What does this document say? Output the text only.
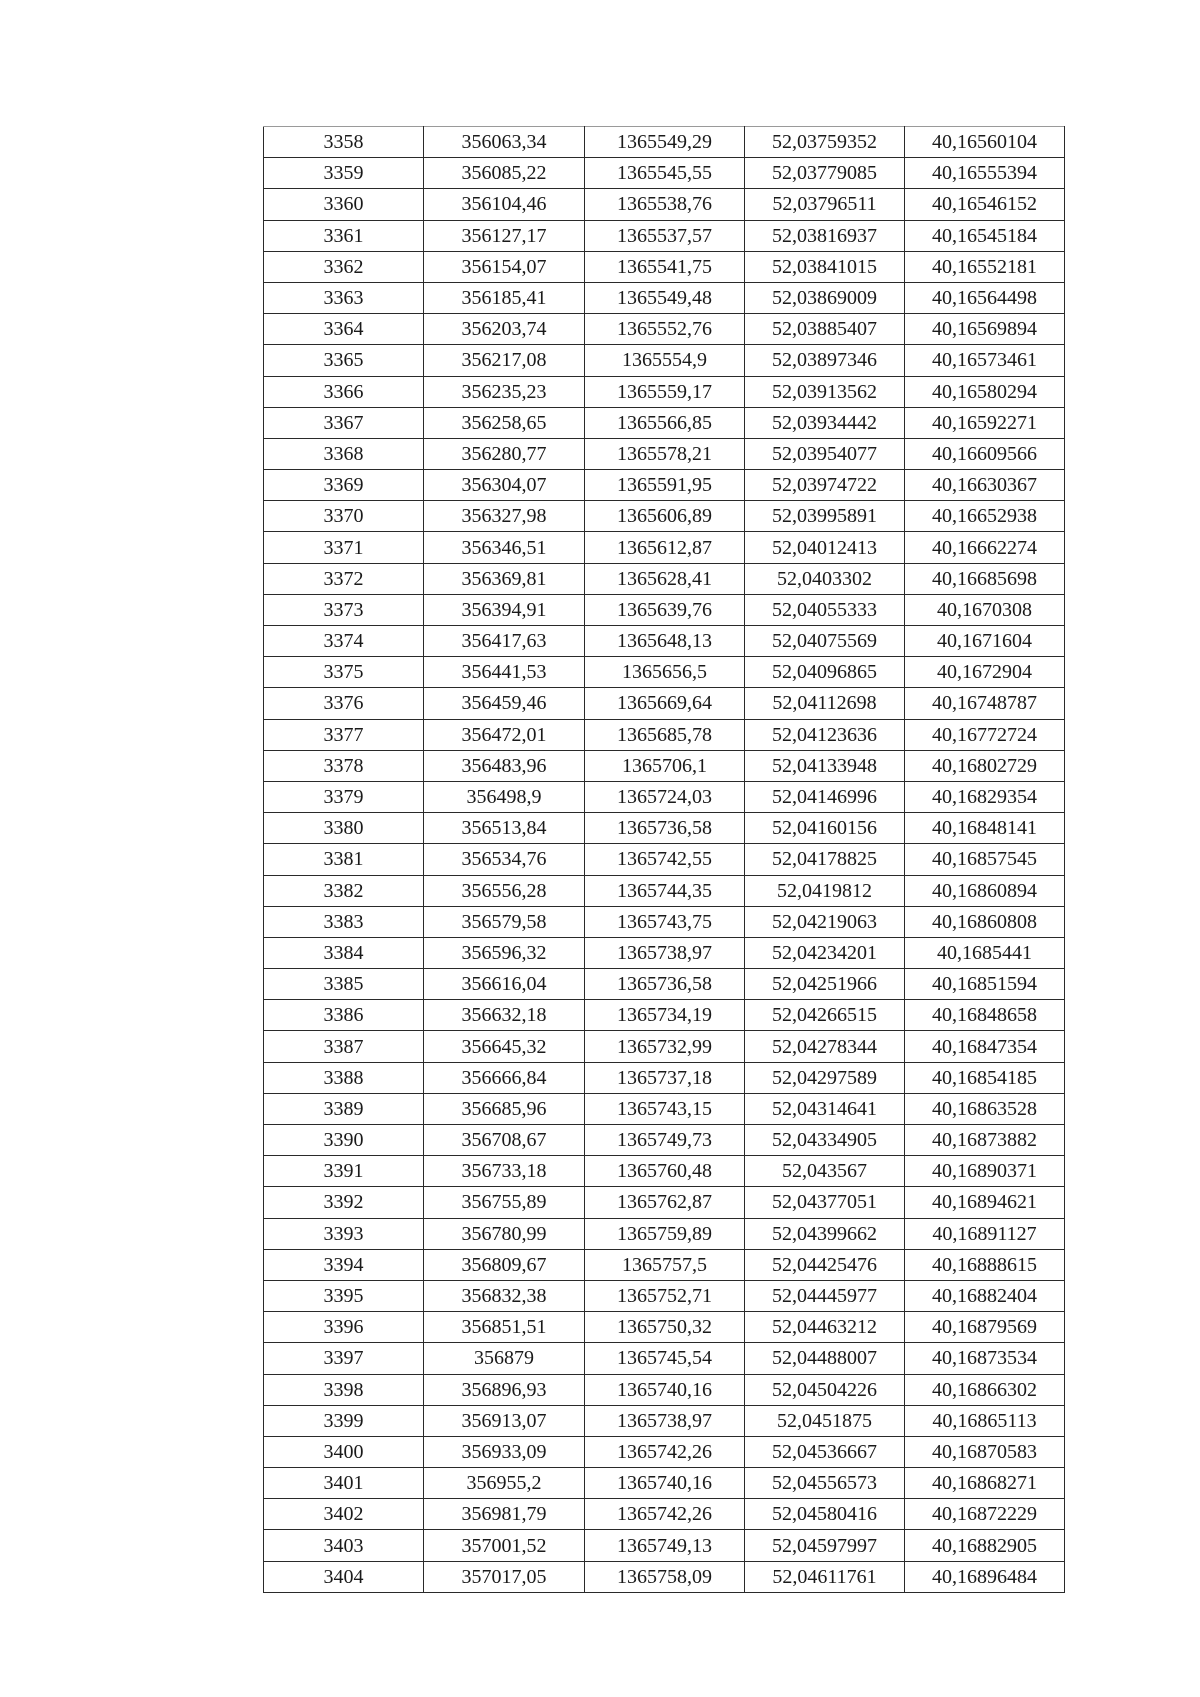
3358	356063,34	1365549,29	52,03759352	40,16560104
3359	356085,22	1365545,55	52,03779085	40,16555394
3360	356104,46	1365538,76	52,03796511	40,16546152
3361	356127,17	1365537,57	52,03816937	40,16545184
3362	356154,07	1365541,75	52,03841015	40,16552181
3363	356185,41	1365549,48	52,03869009	40,16564498
3364	356203,74	1365552,76	52,03885407	40,16569894
3365	356217,08	1365554,9	52,03897346	40,16573461
3366	356235,23	1365559,17	52,03913562	40,16580294
3367	356258,65	1365566,85	52,03934442	40,16592271
3368	356280,77	1365578,21	52,03954077	40,16609566
3369	356304,07	1365591,95	52,03974722	40,16630367
3370	356327,98	1365606,89	52,03995891	40,16652938
3371	356346,51	1365612,87	52,04012413	40,16662274
3372	356369,81	1365628,41	52,0403302	40,16685698
3373	356394,91	1365639,76	52,04055333	40,1670308
3374	356417,63	1365648,13	52,04075569	40,1671604
3375	356441,53	1365656,5	52,04096865	40,1672904
3376	356459,46	1365669,64	52,04112698	40,16748787
3377	356472,01	1365685,78	52,04123636	40,16772724
3378	356483,96	1365706,1	52,04133948	40,16802729
3379	356498,9	1365724,03	52,04146996	40,16829354
3380	356513,84	1365736,58	52,04160156	40,16848141
3381	356534,76	1365742,55	52,04178825	40,16857545
3382	356556,28	1365744,35	52,0419812	40,16860894
3383	356579,58	1365743,75	52,04219063	40,16860808
3384	356596,32	1365738,97	52,04234201	40,1685441
3385	356616,04	1365736,58	52,04251966	40,16851594
3386	356632,18	1365734,19	52,04266515	40,16848658
3387	356645,32	1365732,99	52,04278344	40,16847354
3388	356666,84	1365737,18	52,04297589	40,16854185
3389	356685,96	1365743,15	52,04314641	40,16863528
3390	356708,67	1365749,73	52,04334905	40,16873882
3391	356733,18	1365760,48	52,043567	40,16890371
3392	356755,89	1365762,87	52,04377051	40,16894621
3393	356780,99	1365759,89	52,04399662	40,16891127
3394	356809,67	1365757,5	52,04425476	40,16888615
3395	356832,38	1365752,71	52,04445977	40,16882404
3396	356851,51	1365750,32	52,04463212	40,16879569
3397	356879	1365745,54	52,04488007	40,16873534
3398	356896,93	1365740,16	52,04504226	40,16866302
3399	356913,07	1365738,97	52,0451875	40,16865113
3400	356933,09	1365742,26	52,04536667	40,16870583
3401	356955,2	1365740,16	52,04556573	40,16868271
3402	356981,79	1365742,26	52,04580416	40,16872229
3403	357001,52	1365749,13	52,04597997	40,16882905
3404	357017,05	1365758,09	52,04611761	40,16896484
